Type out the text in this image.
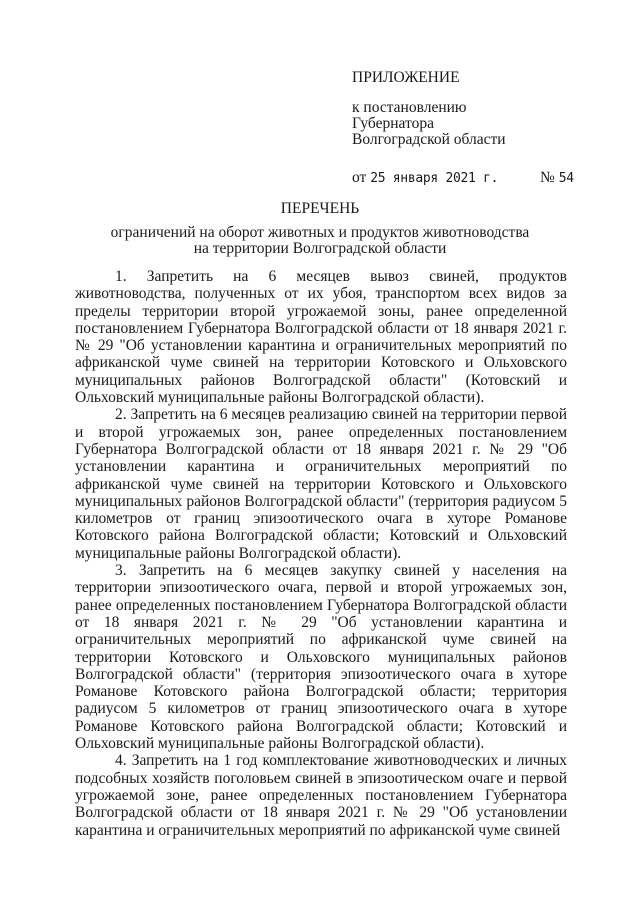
ПРИЛОЖЕНИЕ
к постановлению
Губернатора
Волгоградской области
от 25 января 2021 г.	№ 54
ПЕРЕЧЕНЬ
ограничений на оборот животных и продуктов животноводства
на территории Волгоградской области

1. Запретить на 6 месяцев вывоз свиней, продуктов животноводства, полученных от их убоя, транспортом всех видов за пределы территории второй угрожаемой зоны, ранее определенной постановлением Губернатора Волгоградской области от 18 января 2021 г. № 29 "Об установлении карантина и ограничительных мероприятий по африканской чуме свиней на территории Котовского и Ольховского муниципальных районов Волгоградской области" (Котовский и Ольховский муниципальные районы Волгоградской области).

2. Запретить на 6 месяцев реализацию свиней на территории первой и второй угрожаемых зон, ранее определенных постановлением Губернатора Волгоградской области от 18 января 2021 г. № 29 "Об установлении карантина и ограничительных мероприятий по африканской чуме свиней на территории Котовского и Ольховского муниципальных районов Волгоградской области" (территория радиусом 5 километров от границ эпизоотического очага в хуторе Романове Котовского района Волгоградской области; Котовский и Ольховский муниципальные районы Волгоградской области).

3. Запретить на 6 месяцев закупку свиней у населения на территории эпизоотического очага, первой и второй угрожаемых зон, ранее определенных постановлением Губернатора Волгоградской области от 18 января 2021 г. № 29 "Об установлении карантина и ограничительных мероприятий по африканской чуме свиней на территории Котовского и Ольховского муниципальных районов Волгоградской области" (территория эпизоотического очага в хуторе Романове Котовского района Волгоградской области; территория радиусом 5 километров от границ эпизоотического очага в хуторе Романове Котовского района Волгоградской области; Котовский и Ольховский муниципальные районы Волгоградской области).

4. Запретить на 1 год комплектование животноводческих и личных подсобных хозяйств поголовьем свиней в эпизоотическом очаге и первой угрожаемой зоне, ранее определенных постановлением Губернатора Волгоградской области от 18 января 2021 г. № 29 "Об установлении карантина и ограничительных мероприятий по африканской чуме свиней
